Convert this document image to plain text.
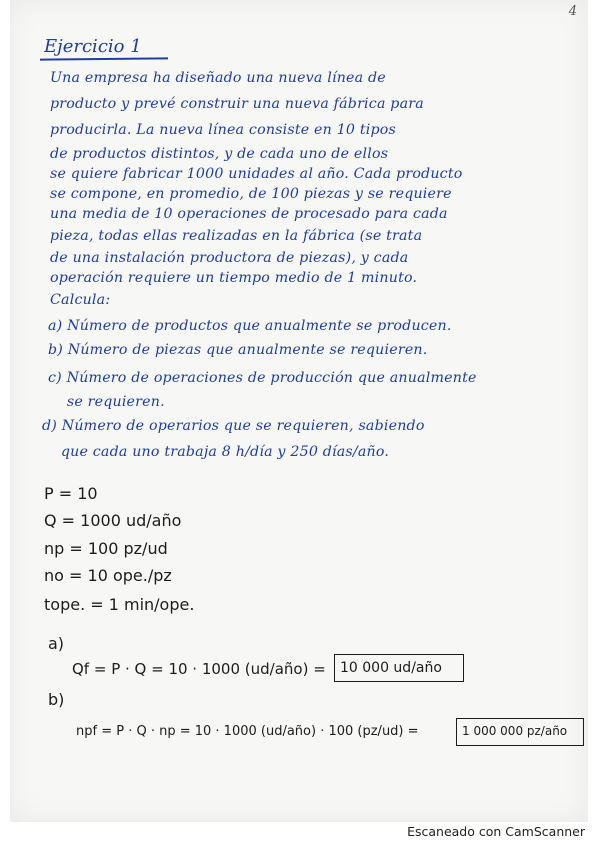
4
Ejercicio 1
Una empresa ha diseñado una nueva línea de
producto y prevé construir una nueva fábrica para
producirla. La nueva línea consiste en 10 tipos
de productos distintos, y de cada uno de ellos
se quiere fabricar 1000 unidades al año. Cada producto
se compone, en promedio, de 100 piezas y se requiere
una media de 10 operaciones de procesado para cada
pieza, todas ellas realizadas en la fábrica (se trata
de una instalación productora de piezas), y cada
operación requiere un tiempo medio de 1 minuto.
Calcula:
a) Número de productos que anualmente se producen.
b) Número de piezas que anualmente se requieren.
c) Número de operaciones de producción que anualmente
se requieren.
d) Número de operarios que se requieren, sabiendo
que cada uno trabaja 8 h/día y 250 días/año.
P = 10
Q = 1000 ud/año
np = 100 pz/ud
no = 10 ope./pz
tope. = 1 min/ope.
a)
Qf = P · Q = 10 · 1000 (ud/año) = 10 000 ud/año
b)
npf = P · Q · np = 10 · 1000 (ud/año) · 100 (pz/ud) =	1 000 000 pz/año
Escaneado con CamScanner
